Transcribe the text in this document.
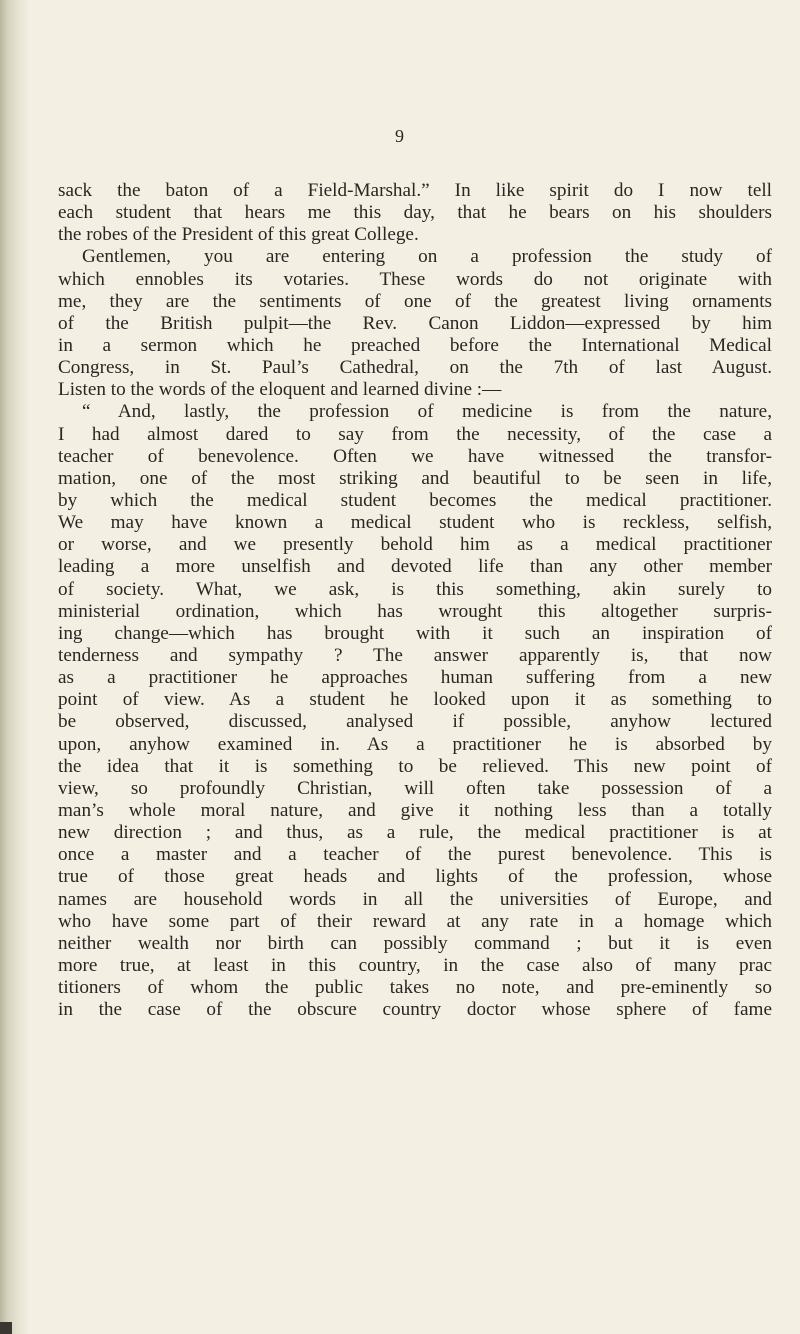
9
sack the baton of a Field-Marshal.” In like spirit do I now tell
each student that hears me this day, that he bears on his shoulders
the robes of the President of this great College.
Gentlemen, you are entering on a profession the study of
which ennobles its votaries. These words do not originate with
me, they are the sentiments of one of the greatest living ornaments
of the British pulpit—the Rev. Canon Liddon—expressed by him
in a sermon which he preached before the International Medical
Congress, in St. Paul’s Cathedral, on the 7th of last August.
Listen to the words of the eloquent and learned divine :—
“ And, lastly, the profession of medicine is from the nature,
I had almost dared to say from the necessity, of the case a
teacher of benevolence. Often we have witnessed the transfor-
mation, one of the most striking and beautiful to be seen in life,
by which the medical student becomes the medical practitioner.
We may have known a medical student who is reckless, selfish,
or worse, and we presently behold him as a medical practitioner
leading a more unselfish and devoted life than any other member
of society. What, we ask, is this something, akin surely to
ministerial ordination, which has wrought this altogether surpris-
ing change—which has brought with it such an inspiration of
tenderness and sympathy ? The answer apparently is, that now
as a practitioner he approaches human suffering from a new
point of view. As a student he looked upon it as something to
be observed, discussed, analysed if possible, anyhow lectured
upon, anyhow examined in. As a practitioner he is absorbed by
the idea that it is something to be relieved. This new point of
view, so profoundly Christian, will often take possession of a
man’s whole moral nature, and give it nothing less than a totally
new direction ; and thus, as a rule, the medical practitioner is at
once a master and a teacher of the purest benevolence. This is
true of those great heads and lights of the profession, whose
names are household words in all the universities of Europe, and
who have some part of their reward at any rate in a homage which
neither wealth nor birth can possibly command ; but it is even
more true, at least in this country, in the case also of many prac
titioners of whom the public takes no note, and pre-eminently so
in the case of the obscure country doctor whose sphere of fame
